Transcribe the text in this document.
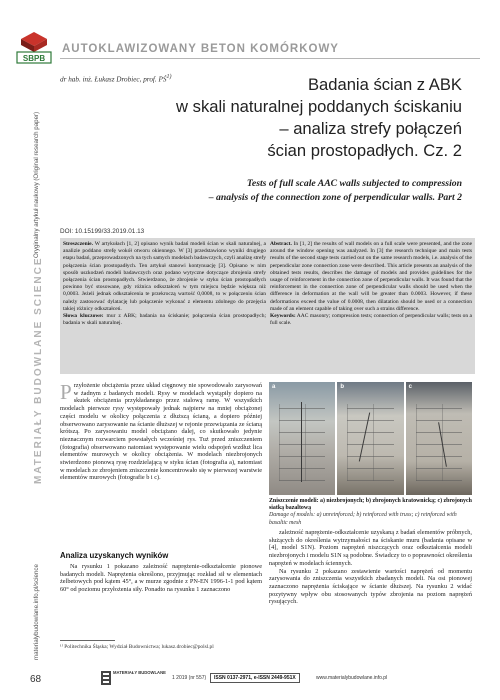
SBPB
AUTOKLAWIZOWANY BETON KOMÓRKOWY
Oryginalny artykuł naukowy (Original research paper)
MATERIAŁY BUDOWLANE SCIENCE
materialybudowlane.info.pl/science
68
dr hab. inż. Łukasz Drobiec, prof. PŚ$^{1)}$	Badania ścian z ABK
w skali naturalnej poddanych ściskaniu
– analiza strefy połączeń
ścian prostopadłych. Cz. 2
Tests of full scale AAC walls subjected to compression
– analysis of the connection zone of perpendicular walls. Part 2
DOI: 10.15199/33.2019.01.13
Streszczenie. W artykułach [1, 2] opisano wynik badań modeli ścian w skali naturalnej, a analizie poddano strefę wokół otworu okiennego. W [3] przedstawiono wyniki drugiego etapu badań, przeprowadzonych na tych samych modelach badawczych, czyli analizę strefy połączenia ścian prostopadłych. Ten artykuł stanowi kontynuację [3]. Opisano w nim sposób uszkodzeń modeli badawczych oraz podano wytyczne dotyczące zbrojenia strefy połączenia ścian prostopadłych. Stwierdzono, że zbrojenie w styku ścian prostopadłych powinno być stosowane, gdy różnica odkształceń w tym miejscu będzie większa niż 0,0003. Jeżeli jednak odkształcenia te przekroczą wartość 0,0008, to w połączeniu ścian należy zastosować dylatację lub połączenie wykonać z elementu zdolnego do przejęcia takiej różnicy odkształceń.
Słowa kluczowe: mur z ABK; badania na ściskanie; połączenia ścian prostopadłych; badania w skali naturalnej.
Abstract. In [1, 2] the results of wall models on a full scale were presented, and the zone around the window opening was analyzed. In [3] the research technique and main tests results of the second stage tests carried out on the same research models, i.e. analysis of the perpendicular zone connection zone were described. This article presents an analysis of the obtained tests results, describes the damage of models and provides guidelines for the usage of reinforcement in the connection zone of perpendicular walls. It was found that the reinforcement in the connection zone of perpendicular walls should be used when the difference in deformation at the wall will be greater than 0.0003. However, if these deformations exceed the value of 0.0008, then dilatation should be used or a connection made of an element capable of taking over such a strains difference.
Keywords: AAC masonry; compression tests; connection of perpendicular walls; tests on a full scale.
P rzyłożenie obciążenia przez układ cięgnowy nie spowodowało zarysowań w żadnym z badanych modeli. Rysy w modelach wystąpiły dopiero na skutek obciążenia przykładanego przez stalową ramę. W wszystkich modelach pierwsze rysy występowały jednak najpierw na mniej obciążonej części modelu w okolicy połączenia z dłuższą ścianą, a dopiero później obserwowano zarysowanie na ścianie dłuższej w rejonie przewiązania ze ścianą krótszą. Po zarysowaniu model obciążano dalej, co skutkowało jedynie nieznacznym rozwarciem powstałych wcześniej rys. Tuż przed zniszczeniem (fotografia) obserwowano natomiast występowanie wielu odspojeń wzdłuż lica elementów murowych w okolicy obciążenia. W modelach niezbrojonych stwierdzono pionową rysę rozdzielającą w styku ścian (fotografia a), natomiast w modelach ze zbrojeniem zniszczenie koncentrowało się w pierwszej warstwie elementów murowych (fotografie b i c).

Analiza uzyskanych wyników

Na rysunku 1 pokazano zależność naprężenie-odkształcenie pionowe badanych modeli. Naprężenia określono, przyjmując rozkład sił w elementach żelbetowych pod kątem 45°, a w murze zgodnie z PN-EN 1996-1-1 pod kątem 60° od poziomu przyłożenia siły. Ponadto na rysunku 1 zaznaczono

¹⁾ Politechnika Śląska; Wydział Budownictwa; lukasz.drobiec@polsl.pl
a	b	c
Zniszczenie modeli: a) niezbrojonych; b) zbrojonych kratownicką; c) zbrojonych siatką bazaltową
Damage of models: a) unreinforced; b) reinforced with truss; c) reinforced with basaltic mesh

zależność naprężenie-odkształcenie uzyskaną z badań elementów próbnych, służących do określenia wytrzymałości na ściskanie muru (badania opisane w [4], model S1N). Poziom naprężeń niszczących oraz odkształcenia modeli niezbrojonych i modelu S1N są podobne. Świadczy to o poprawności określenia naprężeń w modelach ściennych.

Na rysunku 2 pokazano zestawienie wartości naprężeń od momentu zarysowania do zniszczenia wszystkich zbadanych modeli. Na osi pionowej zaznaczono naprężenia ściskające w ścianie dłuższej. Na rysunku 2 widać pozytywny wpływ obu stosowanych typów zbrojenia na poziom naprężeń rysujących.

MATERIAŁY BUDOWLANE
1 2019 (nr 557)	ISSN 0137-2971, e-ISSN 2449-951X	www.materialybudowlane.info.pl
